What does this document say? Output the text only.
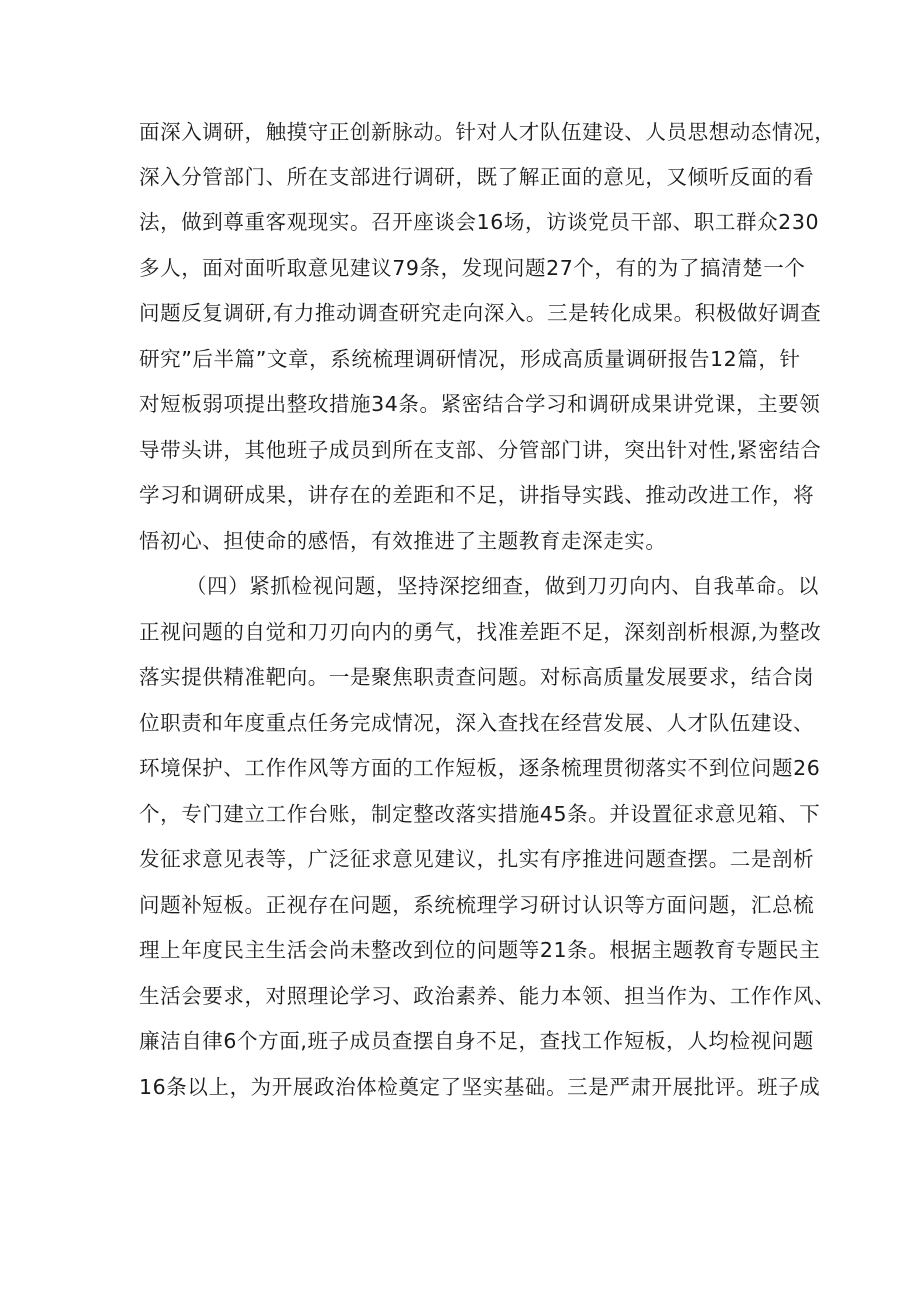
面深入调研，触摸守正创新脉动。针对人才队伍建设、人员思想动态情况，
深入分管部门、所在支部进行调研，既了解正面的意见，又倾听反面的看
法，做到尊重客观现实。召开座谈会16场，访谈党员干部、职工群众230
多人，面对面听取意见建议79条，发现问题27个，有的为了搞清楚一个
问题反复调研,有力推动调查研究走向深入。三是转化成果。积极做好调查
研究”后半篇”文章，系统梳理调研情况，形成高质量调研报告12篇，针
对短板弱项提出整玫措施34条。紧密结合学习和调研成果讲党课，主要领
导带头讲，其他班子成员到所在支部、分管部门讲，突出针对性,紧密结合
学习和调研成果，讲存在的差距和不足，讲指导实践、推动改进工作，将
悟初心、担使命的感悟，有效推进了主题教育走深走实。
（四）紧抓检视问题，坚持深挖细查，做到刀刃向内、自我革命。以
正视问题的自觉和刀刃向内的勇气，找准差距不足，深刻剖析根源,为整改
落实提供精准靶向。一是聚焦职责查问题。对标高质量发展要求，结合岗
位职责和年度重点任务完成情况，深入查找在经营发展、人才队伍建设、
环境保护、工作作风等方面的工作短板，逐条梳理贯彻落实不到位问题26
个，专门建立工作台账，制定整改落实措施45条。并设置征求意见箱、下
发征求意见表等，广泛征求意见建议，扎实有序推进问题查摆。二是剖析
问题补短板。正视存在问题，系统梳理学习研讨认识等方面问题，汇总梳
理上年度民主生活会尚未整改到位的问题等21条。根据主题教育专题民主
生活会要求，对照理论学习、政治素养、能力本领、担当作为、工作作风、
廉洁自律6个方面,班子成员查摆自身不足，查找工作短板，人均检视问题
16条以上，为开展政治体检奠定了坚实基础。三是严肃开展批评。班子成
